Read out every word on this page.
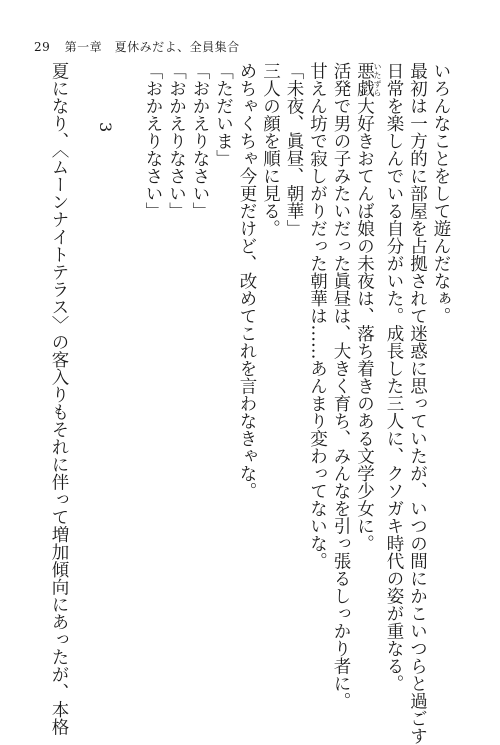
29 第一章　夏休みだよ、全員集合
いろんなことをして遊んだなぁ。
最初は一方的に部屋を占拠されて迷惑に思っていたが、いつの間にかこいつらと過ごす
日常を楽しんでいる自分がいた。成長した三人に、クソガキ時代の姿が重なる。
悪戯いたずら大好きおてんば娘の未夜は、落ち着きのある文学少女に。
活発で男の子みたいだった眞昼は、大きく育ち、みんなを引っ張るしっかり者に。
甘えん坊で寂しがりだった朝華は……あんまり変わってないな。
「未夜、眞昼、朝華」
三人の顔を順に見る。
めちゃくちゃ今更だけど、改めてこれを言わなきゃな。
「ただいま」
「おかえりなさい」
「おかえりなさい」
「おかえりなさい」

3

夏になり、〈ムーンナイトテラス〉の客入りもそれに伴って増加傾向にあったが、本格
